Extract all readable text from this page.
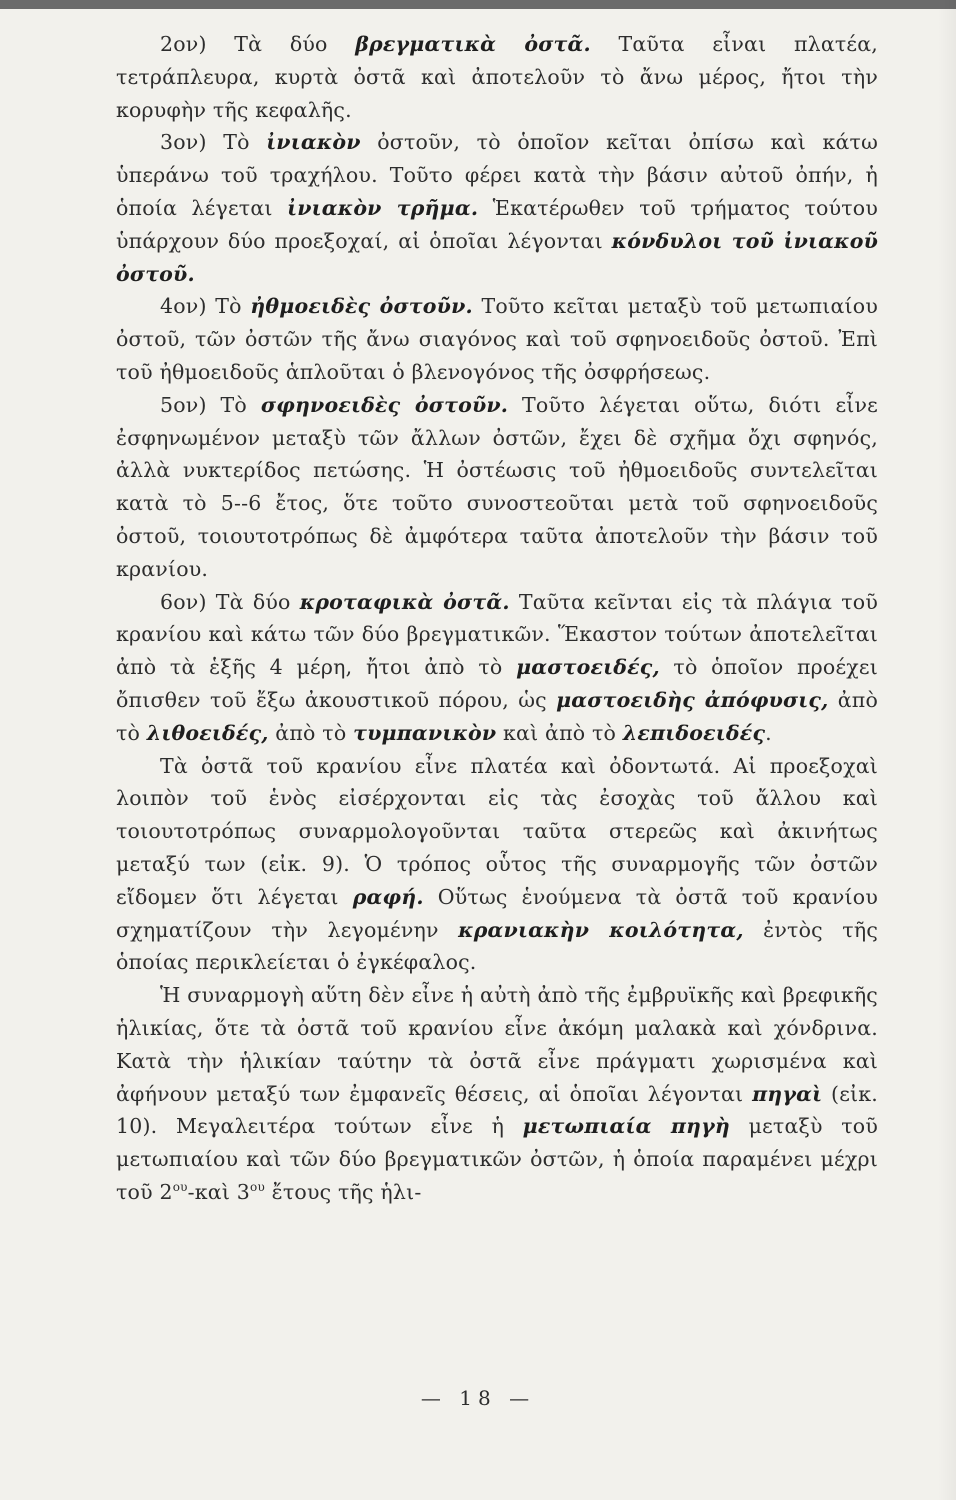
2ον) Τὰ δύο βρεγματικὰ ὀστᾶ. Ταῦτα εἶναι πλατέα, τετράπλευρα, κυρτὰ ὀστᾶ καὶ ἀποτελοῦν τὸ ἄνω μέρος, ἤτοι τὴν κορυφὴν τῆς κεφαλῆς.

3ον) Τὸ ἰνιακὸν ὀστοῦν, τὸ ὁποῖον κεῖται ὀπίσω καὶ κάτω ὑπεράνω τοῦ τραχήλου. Τοῦτο φέρει κατὰ τὴν βάσιν αὐτοῦ ὀπήν, ἡ ὁποία λέγεται ἰνιακὸν τρῆμα. Ἑκατέρωθεν τοῦ τρήματος τούτου ὑπάρχουν δύο προεξοχαί, αἱ ὁποῖαι λέγονται κόνδυλοι τοῦ ἰνιακοῦ ὀστοῦ.

4ον) Τὸ ἠθμοειδὲς ὀστοῦν. Τοῦτο κεῖται μεταξὺ τοῦ μετωπιαίου ὀστοῦ, τῶν ὀστῶν τῆς ἄνω σιαγόνος καὶ τοῦ σφηνοειδοῦς ὀστοῦ. Ἐπὶ τοῦ ἠθμοειδοῦς ἁπλοῦται ὁ βλενογόνος τῆς ὀσφρήσεως.

5ον) Τὸ σφηνοειδὲς ὀστοῦν. Τοῦτο λέγεται οὕτω, διότι εἶνε ἐσφηνωμένον μεταξὺ τῶν ἄλλων ὀστῶν, ἔχει δὲ σχῆμα ὄχι σφηνός, ἀλλὰ νυκτερίδος πετώσης. Ἡ ὀστέωσις τοῦ ἠθμοειδοῦς συντελεῖται κατὰ τὸ 5--6 ἔτος, ὅτε τοῦτο συνοστεοῦται μετὰ τοῦ σφηνοειδοῦς ὀστοῦ, τοιουτοτρόπως δὲ ἀμφότερα ταῦτα ἀποτελοῦν τὴν βάσιν τοῦ κρανίου.

6ον) Τὰ δύο κροταφικὰ ὀστᾶ. Ταῦτα κεῖνται εἰς τὰ πλάγια τοῦ κρανίου καὶ κάτω τῶν δύο βρεγματικῶν. Ἕκαστον τούτων ἀποτελεῖται ἀπὸ τὰ ἑξῆς 4 μέρη, ἤτοι ἀπὸ τὸ μαστοειδές, τὸ ὁποῖον προέχει ὄπισθεν τοῦ ἔξω ἀκουστικοῦ πόρου, ὡς μαστοειδὴς ἀπόφυσις, ἀπὸ τὸ λιθοειδές, ἀπὸ τὸ τυμπανικὸν καὶ ἀπὸ τὸ λεπιδοειδές.

Τὰ ὀστᾶ τοῦ κρανίου εἶνε πλατέα καὶ ὀδοντωτά. Αἱ προεξοχαὶ λοιπὸν τοῦ ἑνὸς εἰσέρχονται εἰς τὰς ἐσοχὰς τοῦ ἄλλου καὶ τοιουτοτρόπως συναρμολογοῦνται ταῦτα στερεῶς καὶ ἀκινήτως μεταξύ των (εἰκ. 9). Ὁ τρόπος οὗτος τῆς συναρμογῆς τῶν ὀστῶν εἴδομεν ὅτι λέγεται ραφή. Οὕτως ἑνούμενα τὰ ὀστᾶ τοῦ κρανίου σχηματίζουν τὴν λεγομένην κρανιακὴν κοιλότητα, ἐντὸς τῆς ὁποίας περικλείεται ὁ ἐγκέφαλος.

Ἡ συναρμογὴ αὕτη δὲν εἶνε ἡ αὐτὴ ἀπὸ τῆς ἐμβρυϊκῆς καὶ βρεφικῆς ἡλικίας, ὅτε τὰ ὀστᾶ τοῦ κρανίου εἶνε ἀκόμη μαλακὰ καὶ χόνδρινα. Κατὰ τὴν ἡλικίαν ταύτην τὰ ὀστᾶ εἶνε πράγματι χωρισμένα καὶ ἀφήνουν μεταξύ των ἐμφανεῖς θέσεις, αἱ ὁποῖαι λέγονται πηγαὶ (εἰκ. 10). Μεγαλειτέρα τούτων εἶνε ἡ μετωπιαία πηγὴ μεταξὺ τοῦ μετωπιαίου καὶ τῶν δύο βρεγματικῶν ὀστῶν, ἡ ὁποία παραμένει μέχρι τοῦ $2^{o\upsilon}$-καὶ $3^{o\upsilon}$ ἔτους τῆς ἡλι-

— 18 —
